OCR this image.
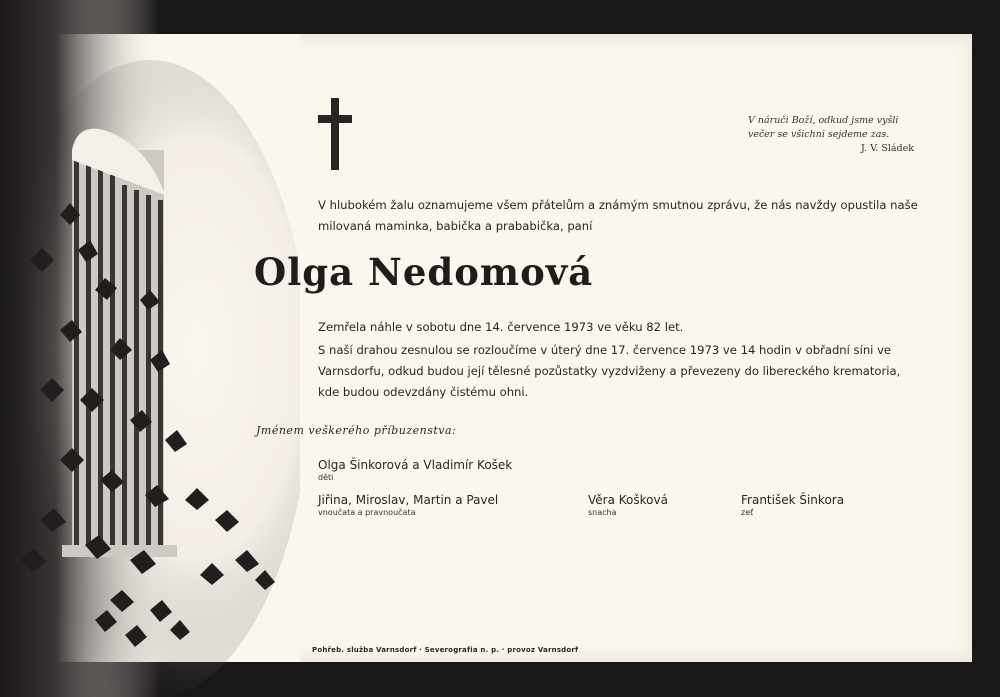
V náruči Boží, odkud jsme vyšli
večer se všichni sejdeme zas.
J. V. Sládek
V hlubokém žalu oznamujeme všem přátelům a známým smutnou zprávu, že nás navždy opustila naše milovaná maminka, babička a prababička, paní
Olga Nedomová
Zemřela náhle v sobotu dne 14. července 1973 ve věku 82 let.
S naší drahou zesnulou se rozloučíme v úterý dne 17. července 1973 ve 14 hodin v obřadní síni ve Varnsdorfu, odkud budou její tělesné pozůstatky vyzdviženy a převezeny do libereckého krematoria, kde budou odevzdány čistému ohni.
Jménem veškerého příbuzenstva:
Olga Šinkorová a Vladimír Košek
děti
Jiřina, Miroslav, Martin a Pavel
vnoučata a pravnoučata
Věra Košková
snacha
František Šinkora
zeť
Pohřeb. služba Varnsdorf · Severografia n. p. · provoz Varnsdorf
